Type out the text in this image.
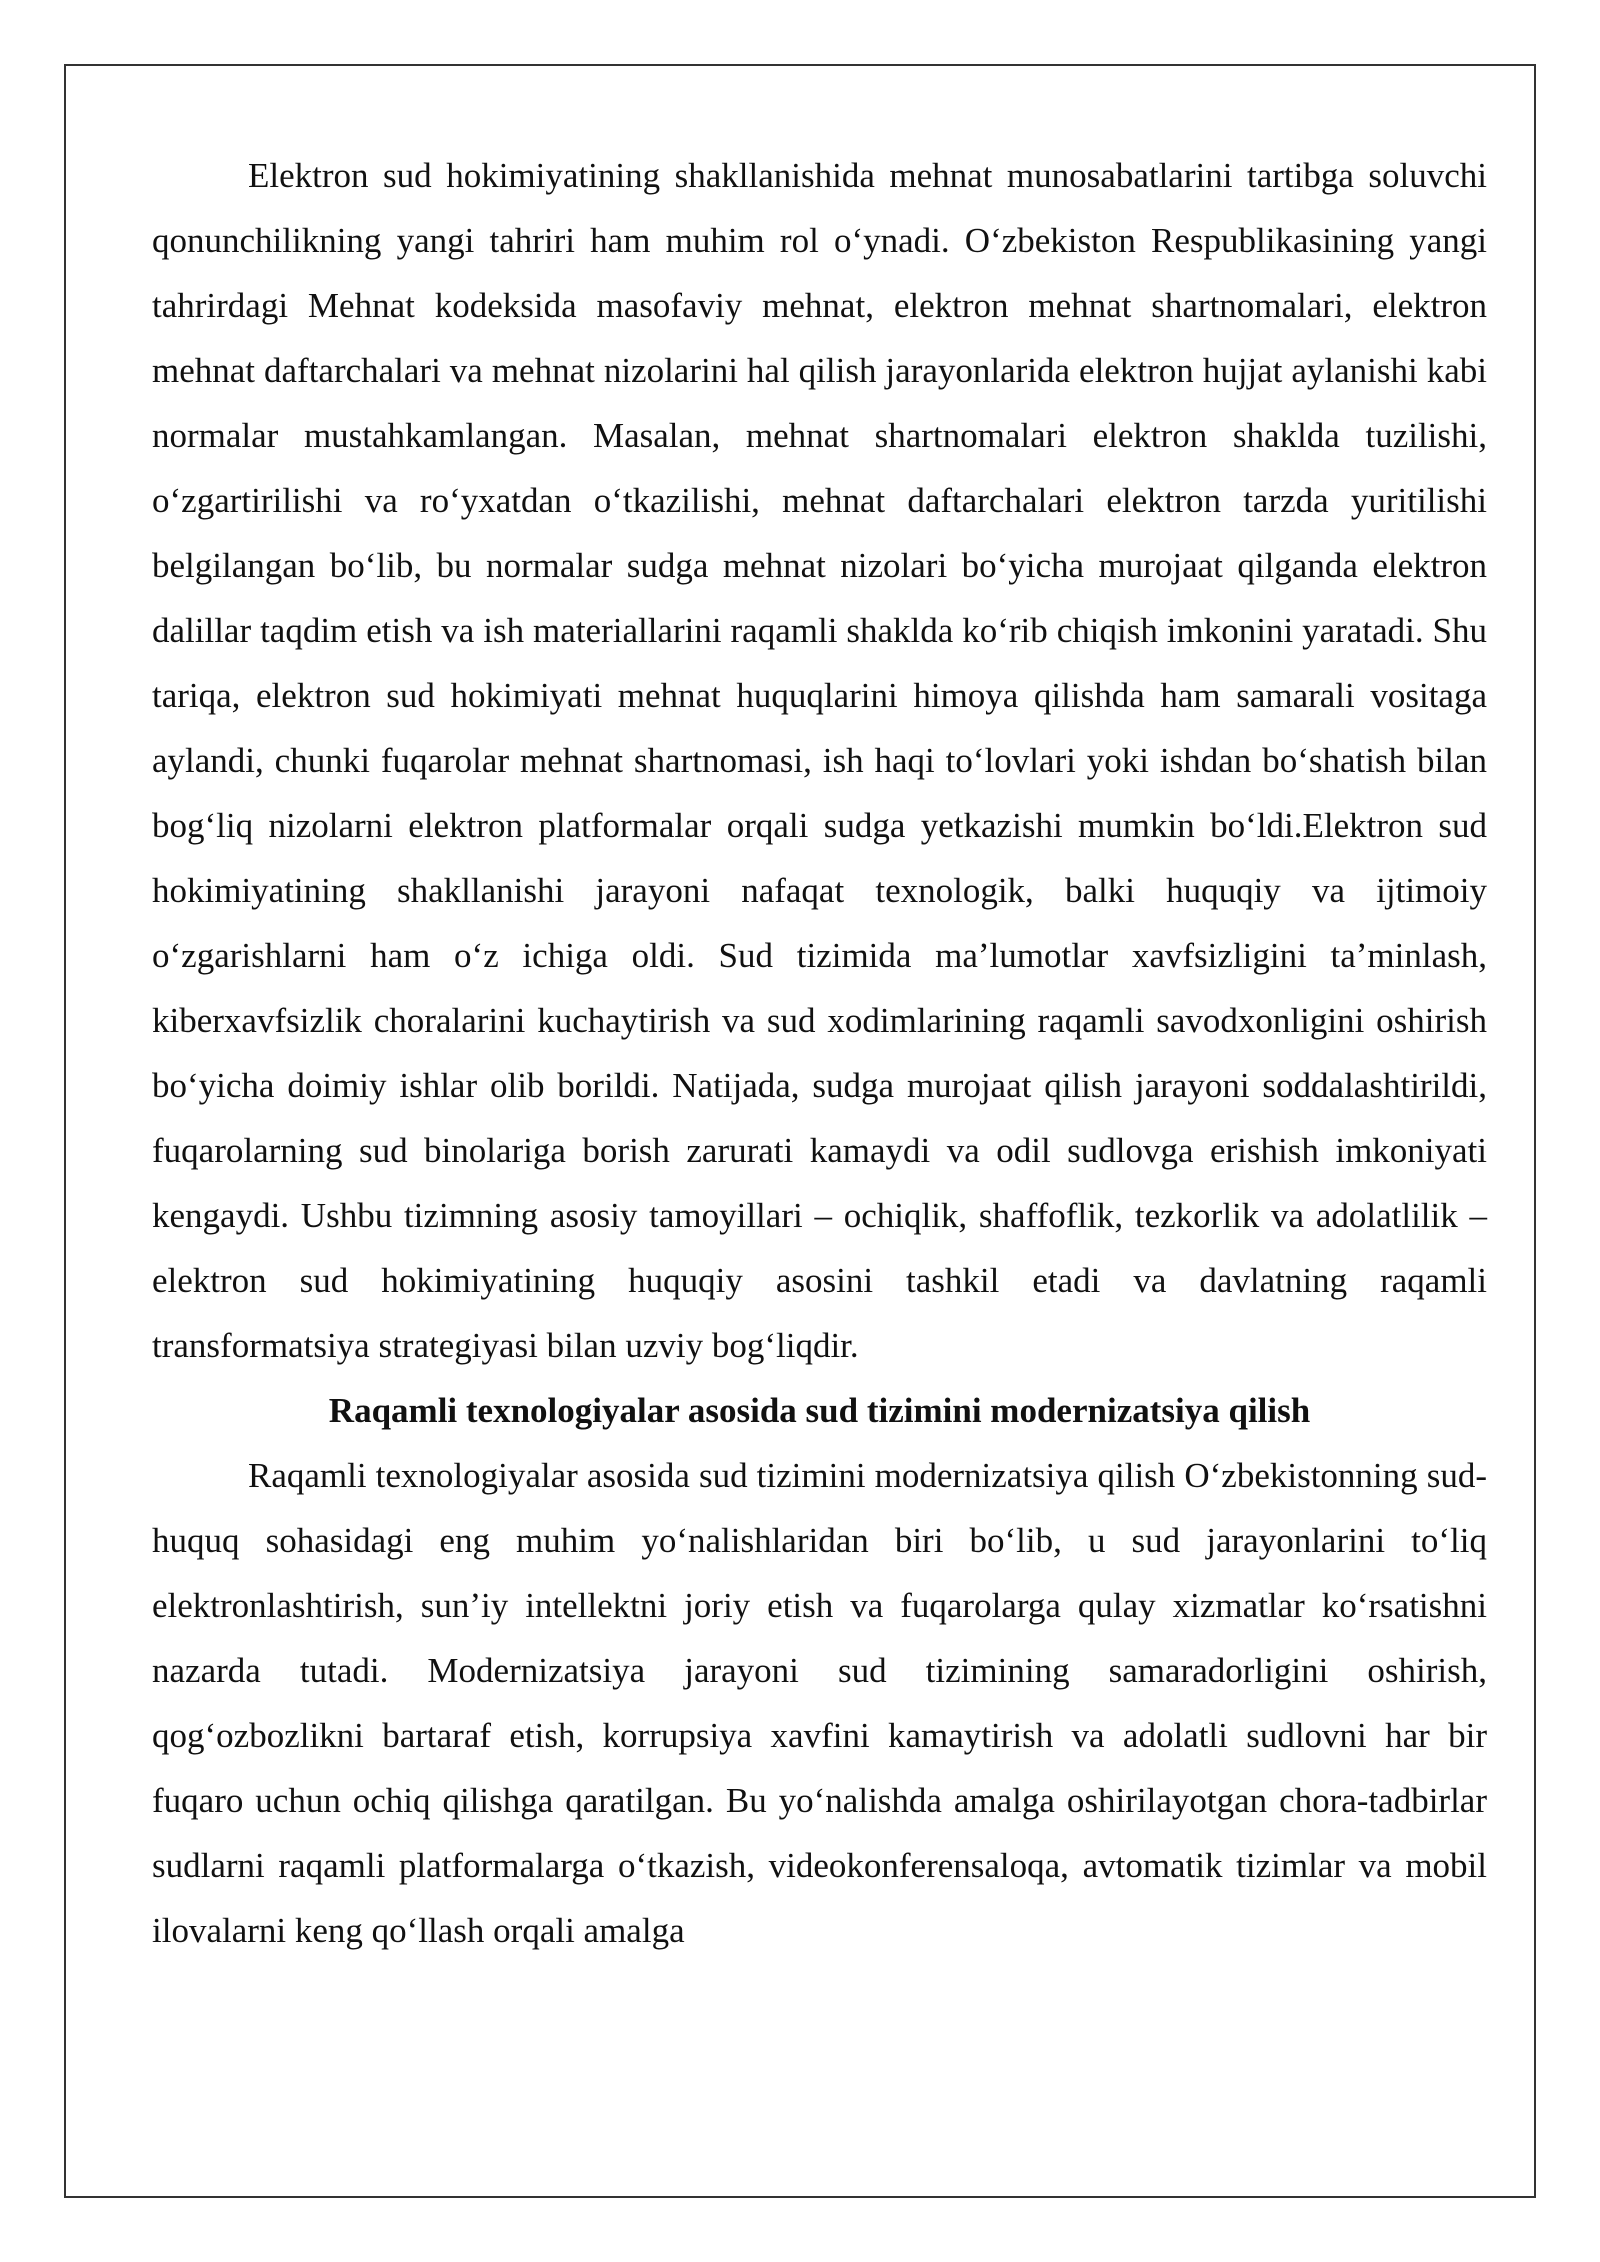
Elektron sud hokimiyatining shakllanishida mehnat munosabatlarini tartibga soluvchi qonunchilikning yangi tahriri ham muhim rol oʻynadi. Oʻzbekiston Respublikasining yangi tahrirdagi Mehnat kodeksida masofaviy mehnat, elektron mehnat shartnomalari, elektron mehnat daftarchalari va mehnat nizolarini hal qilish jarayonlarida elektron hujjat aylanishi kabi normalar mustahkamlangan. Masalan, mehnat shartnomalari elektron shaklda tuzilishi, oʻzgartirilishi va roʻyxatdan oʻtkazilishi, mehnat daftarchalari elektron tarzda yuritilishi belgilangan boʻlib, bu normalar sudga mehnat nizolari boʻyicha murojaat qilganda elektron dalillar taqdim etish va ish materiallarini raqamli shaklda koʻrib chiqish imkonini yaratadi. Shu tariqa, elektron sud hokimiyati mehnat huquqlarini himoya qilishda ham samarali vositaga aylandi, chunki fuqarolar mehnat shartnomasi, ish haqi toʻlovlari yoki ishdan boʻshatish bilan bogʻliq nizolarni elektron platformalar orqali sudga yetkazishi mumkin boʻldi.Elektron sud hokimiyatining shakllanishi jarayoni nafaqat texnologik, balki huquqiy va ijtimoiy oʻzgarishlarni ham oʻz ichiga oldi. Sud tizimida maʼlumotlar xavfsizligini taʼminlash, kiberxavfsizlik choralarini kuchaytirish va sud xodimlarining raqamli savodxonligini oshirish boʻyicha doimiy ishlar olib borildi. Natijada, sudga murojaat qilish jarayoni soddalashtirildi, fuqarolarning sud binolariga borish zarurati kamaydi va odil sudlovga erishish imkoniyati kengaydi. Ushbu tizimning asosiy tamoyillari – ochiqlik, shaffoflik, tezkorlik va adolatlilik – elektron sud hokimiyatining huquqiy asosini tashkil etadi va davlatning raqamli transformatsiya strategiyasi bilan uzviy bogʻliqdir.

Raqamli texnologiyalar asosida sud tizimini modernizatsiya qilish

Raqamli texnologiyalar asosida sud tizimini modernizatsiya qilish Oʻzbekistonning sud-huquq sohasidagi eng muhim yoʻnalishlaridan biri boʻlib, u sud jarayonlarini toʻliq elektronlashtirish, sunʼiy intellektni joriy etish va fuqarolarga qulay xizmatlar koʻrsatishni nazarda tutadi. Modernizatsiya jarayoni sud tizimining samaradorligini oshirish, qogʻozbozlikni bartaraf etish, korrupsiya xavfini kamaytirish va adolatli sudlovni har bir fuqaro uchun ochiq qilishga qaratilgan. Bu yoʻnalishda amalga oshirilayotgan chora-tadbirlar sudlarni raqamli platformalarga oʻtkazish, videokonferensaloqa, avtomatik tizimlar va mobil ilovalarni keng qoʻllash orqali amalga
